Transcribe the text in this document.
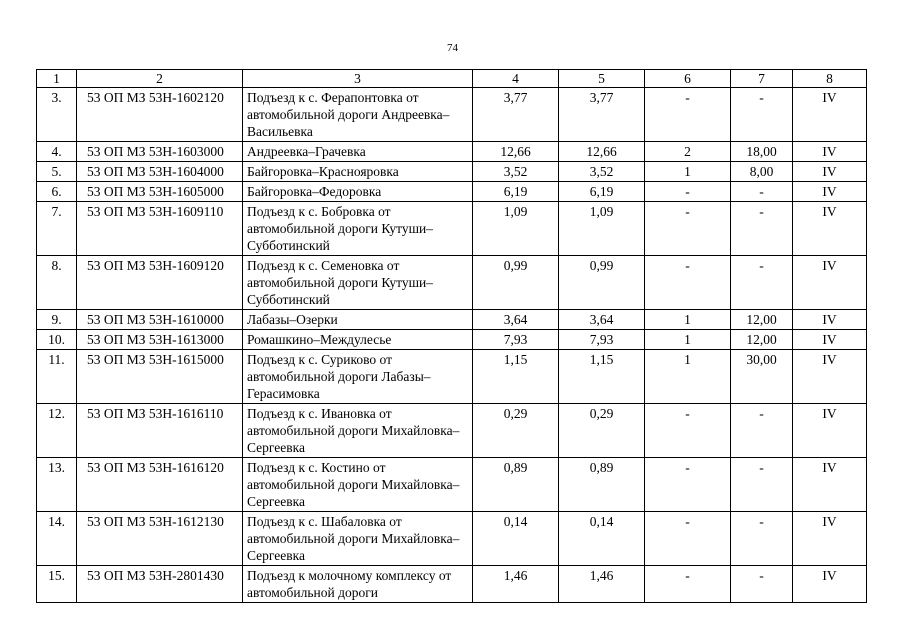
74
1	2	3	4	5	6	7	8
3.	53 ОП МЗ 53Н-1602120	Подъезд к с. Ферапонтовка от автомобильной дороги Андреевка–Васильевка	3,77	3,77	-	-	IV
4.	53 ОП МЗ 53Н-1603000	Андреевка–Грачевка	12,66	12,66	2	18,00	IV
5.	53 ОП МЗ 53Н-1604000	Байгоровка–Краснояровка	3,52	3,52	1	8,00	IV
6.	53 ОП МЗ 53Н-1605000	Байгоровка–Федоровка	6,19	6,19	-	-	IV
7.	53 ОП МЗ 53Н-1609110	Подъезд к с. Бобровка от автомобильной дороги Кутуши–Субботинский	1,09	1,09	-	-	IV
8.	53 ОП МЗ 53Н-1609120	Подъезд к с. Семеновка от автомобильной дороги Кутуши–Субботинский	0,99	0,99	-	-	IV
9.	53 ОП МЗ 53Н-1610000	Лабазы–Озерки	3,64	3,64	1	12,00	IV
10.	53 ОП МЗ 53Н-1613000	Ромашкино–Междулесье	7,93	7,93	1	12,00	IV
11.	53 ОП МЗ 53Н-1615000	Подъезд к с. Суриково от автомобильной дороги Лабазы–Герасимовка	1,15	1,15	1	30,00	IV
12.	53 ОП МЗ 53Н-1616110	Подъезд к с. Ивановка от автомобильной дороги Михайловка–Сергеевка	0,29	0,29	-	-	IV
13.	53 ОП МЗ 53Н-1616120	Подъезд к с. Костино от автомобильной дороги Михайловка–Сергеевка	0,89	0,89	-	-	IV
14.	53 ОП МЗ 53Н-1612130	Подъезд к с. Шабаловка от автомобильной дороги Михайловка–Сергеевка	0,14	0,14	-	-	IV
15.	53 ОП МЗ 53Н-2801430	Подъезд к молочному комплексу от автомобильной дороги	1,46	1,46	-	-	IV
